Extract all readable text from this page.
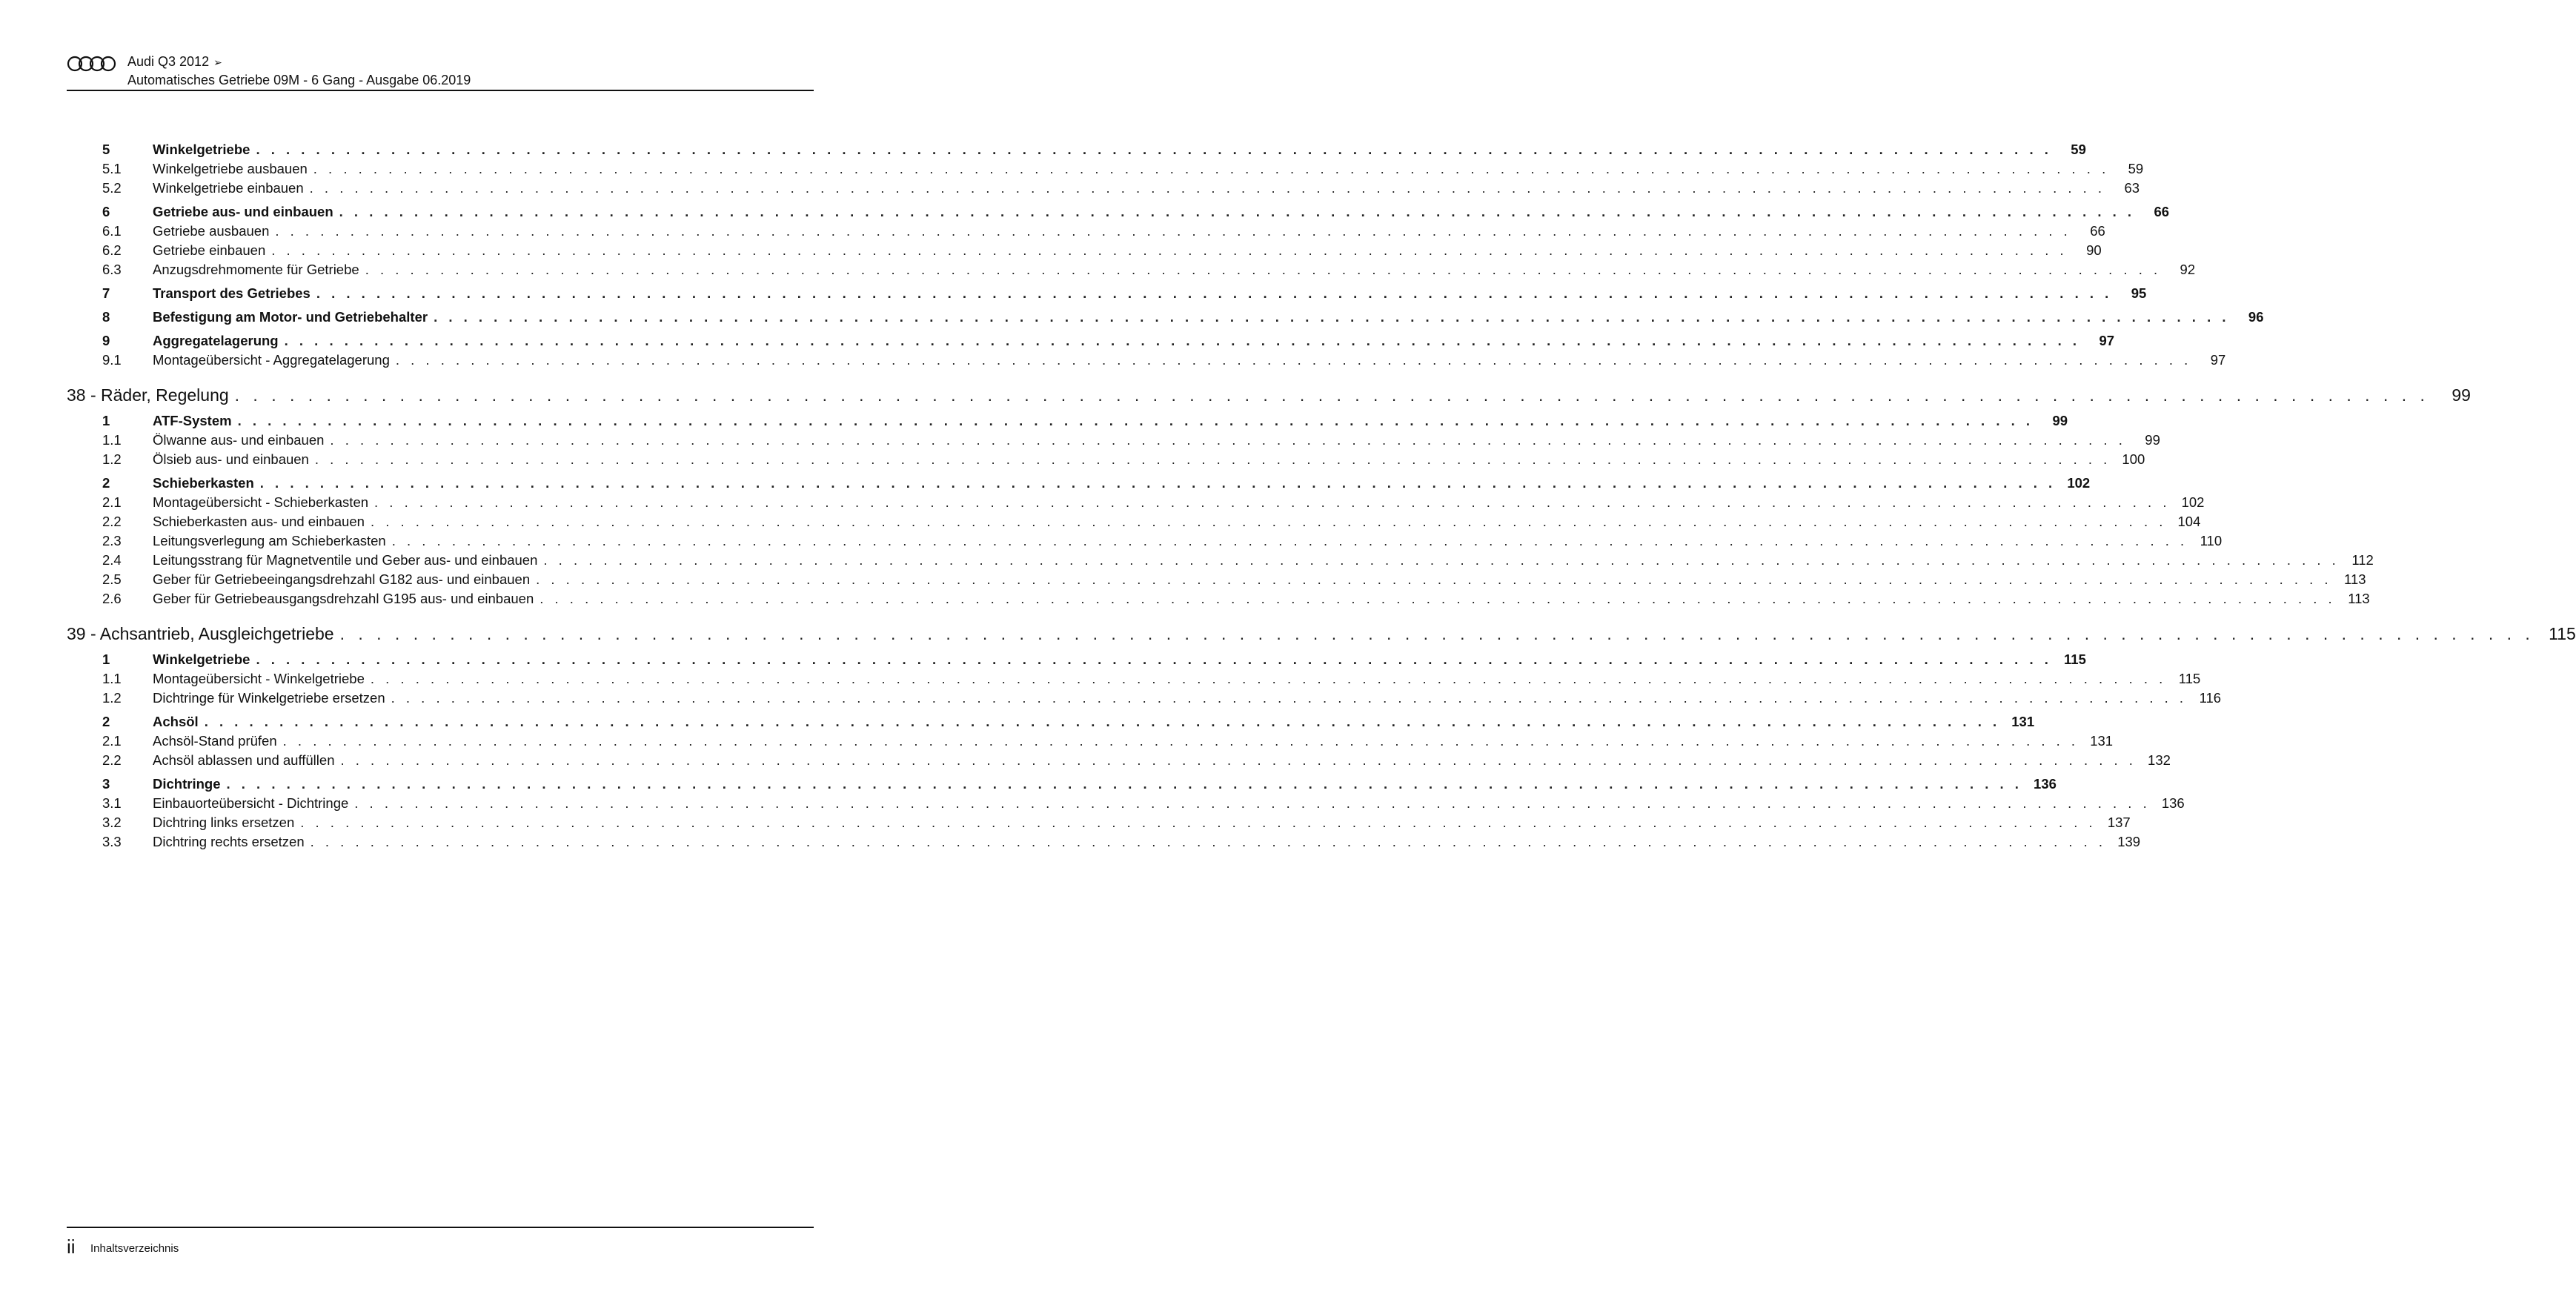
Audi Q3 2012 ➢
Automatisches Getriebe 09M - 6 Gang - Ausgabe 06.2019
5	Winkelgetriebe . . . . . . . . . . . . . . . . . . . . . . . . . . . . . . . . . . . . . . . . . . . . . . . . . . . . . . . . . . . . . . . . . . . . . . . . . . . . . . . . . . . . . . . . . . . . . . . . . . . . . . . . . . . . . . . . . . . . . . . .	59
5.1	Winkelgetriebe ausbauen . . . . . . . . . . . . . . . . . . . . . . . . . . . . . . . . . . . . . . . . . . . . . . . . . . . . . . . . . . . . . . . . . . . . . . . . . . . . . . . . . . . . . . . . . . . . . . . . . . . . . . . . . . . . . . . . . . . . . . . .	59
5.2	Winkelgetriebe einbauen . . . . . . . . . . . . . . . . . . . . . . . . . . . . . . . . . . . . . . . . . . . . . . . . . . . . . . . . . . . . . . . . . . . . . . . . . . . . . . . . . . . . . . . . . . . . . . . . . . . . . . . . . . . . . . . . . . . . . . . .	63
6	Getriebe aus- und einbauen . . . . . . . . . . . . . . . . . . . . . . . . . . . . . . . . . . . . . . . . . . . . . . . . . . . . . . . . . . . . . . . . . . . . . . . . . . . . . . . . . . . . . . . . . . . . . . . . . . . . . . . . . . . . . . . . . . . . . . . .	66
6.1	Getriebe ausbauen . . . . . . . . . . . . . . . . . . . . . . . . . . . . . . . . . . . . . . . . . . . . . . . . . . . . . . . . . . . . . . . . . . . . . . . . . . . . . . . . . . . . . . . . . . . . . . . . . . . . . . . . . . . . . . . . . . . . . . . .	66
6.2	Getriebe einbauen . . . . . . . . . . . . . . . . . . . . . . . . . . . . . . . . . . . . . . . . . . . . . . . . . . . . . . . . . . . . . . . . . . . . . . . . . . . . . . . . . . . . . . . . . . . . . . . . . . . . . . . . . . . . . . . . . . . . . . . .	90
6.3	Anzugsdrehmomente für Getriebe . . . . . . . . . . . . . . . . . . . . . . . . . . . . . . . . . . . . . . . . . . . . . . . . . . . . . . . . . . . . . . . . . . . . . . . . . . . . . . . . . . . . . . . . . . . . . . . . . . . . . . . . . . . . . . . . . . . . . . . .	92
7	Transport des Getriebes . . . . . . . . . . . . . . . . . . . . . . . . . . . . . . . . . . . . . . . . . . . . . . . . . . . . . . . . . . . . . . . . . . . . . . . . . . . . . . . . . . . . . . . . . . . . . . . . . . . . . . . . . . . . . . . . . . . . . . . .	95
8	Befestigung am Motor- und Getriebehalter . . . . . . . . . . . . . . . . . . . . . . . . . . . . . . . . . . . . . . . . . . . . . . . . . . . . . . . . . . . . . . . . . . . . . . . . . . . . . . . . . . . . . . . . . . . . . . . . . . . . . . . . . . . . . . . . . . . . . . . .	96
9	Aggregatelagerung . . . . . . . . . . . . . . . . . . . . . . . . . . . . . . . . . . . . . . . . . . . . . . . . . . . . . . . . . . . . . . . . . . . . . . . . . . . . . . . . . . . . . . . . . . . . . . . . . . . . . . . . . . . . . . . . . . . . . . . .	97
9.1	Montageübersicht - Aggregatelagerung . . . . . . . . . . . . . . . . . . . . . . . . . . . . . . . . . . . . . . . . . . . . . . . . . . . . . . . . . . . . . . . . . . . . . . . . . . . . . . . . . . . . . . . . . . . . . . . . . . . . . . . . . . . . . . . . . . . . . . . .	97
38 - Räder, Regelung . . . . . . . . . . . . . . . . . . . . . . . . . . . . . . . . . . . . . . . . . . . . . . . . . . . . . . . . . . . . . . . . . . . . . . . . . . . . . . . . . . . . . . . . . . . . . . . . . . . . . . . . . . . . . . . . . . . . . . . .	99
1	ATF-System . . . . . . . . . . . . . . . . . . . . . . . . . . . . . . . . . . . . . . . . . . . . . . . . . . . . . . . . . . . . . . . . . . . . . . . . . . . . . . . . . . . . . . . . . . . . . . . . . . . . . . . . . . . . . . . . . . . . . . . .	99
1.1	Ölwanne aus- und einbauen . . . . . . . . . . . . . . . . . . . . . . . . . . . . . . . . . . . . . . . . . . . . . . . . . . . . . . . . . . . . . . . . . . . . . . . . . . . . . . . . . . . . . . . . . . . . . . . . . . . . . . . . . . . . . . . . . . . . . . . .	99
1.2	Ölsieb aus- und einbauen . . . . . . . . . . . . . . . . . . . . . . . . . . . . . . . . . . . . . . . . . . . . . . . . . . . . . . . . . . . . . . . . . . . . . . . . . . . . . . . . . . . . . . . . . . . . . . . . . . . . . . . . . . . . . . . . . . . . . . . . 100
2	Schieberkasten . . . . . . . . . . . . . . . . . . . . . . . . . . . . . . . . . . . . . . . . . . . . . . . . . . . . . . . . . . . . . . . . . . . . . . . . . . . . . . . . . . . . . . . . . . . . . . . . . . . . . . . . . . . . . . . . . . . . . . . . 102
2.1	Montageübersicht - Schieberkasten . . . . . . . . . . . . . . . . . . . . . . . . . . . . . . . . . . . . . . . . . . . . . . . . . . . . . . . . . . . . . . . . . . . . . . . . . . . . . . . . . . . . . . . . . . . . . . . . . . . . . . . . . . . . . . . . . . . . . . . . 102
2.2	Schieberkasten aus- und einbauen . . . . . . . . . . . . . . . . . . . . . . . . . . . . . . . . . . . . . . . . . . . . . . . . . . . . . . . . . . . . . . . . . . . . . . . . . . . . . . . . . . . . . . . . . . . . . . . . . . . . . . . . . . . . . . . . . . . . . . . . 104
2.3	Leitungsverlegung am Schieberkasten . . . . . . . . . . . . . . . . . . . . . . . . . . . . . . . . . . . . . . . . . . . . . . . . . . . . . . . . . . . . . . . . . . . . . . . . . . . . . . . . . . . . . . . . . . . . . . . . . . . . . . . . . . . . . . . . . . . . . . . . 110
2.4	Leitungsstrang für Magnetventile und Geber aus- und einbauen . . . . . . . . . . . . . . . . . . . . . . . . . . . . . . . . . . . . . . . . . . . . . . . . . . . . . . . . . . . . . . . . . . . . . . . . . . . . . . . . . . . . . . . . . . . . . . . . . . . . . . . . . . . . . . . . . . . . . . . . 112
2.5	Geber für Getriebeeingangsdrehzahl G182 aus- und einbauen . . . . . . . . . . . . . . . . . . . . . . . . . . . . . . . . . . . . . . . . . . . . . . . . . . . . . . . . . . . . . . . . . . . . . . . . . . . . . . . . . . . . . . . . . . . . . . . . . . . . . . . . . . . . . . . . . . . . . . . . 113
2.6	Geber für Getriebeausgangsdrehzahl G195 aus- und einbauen . . . . . . . . . . . . . . . . . . . . . . . . . . . . . . . . . . . . . . . . . . . . . . . . . . . . . . . . . . . . . . . . . . . . . . . . . . . . . . . . . . . . . . . . . . . . . . . . . . . . . . . . . . . . . . . . . . . . . . . . 113
39 - Achsantrieb, Ausgleichgetriebe . . . . . . . . . . . . . . . . . . . . . . . . . . . . . . . . . . . . . . . . . . . . . . . . . . . . . . . . . . . . . . . . . . . . . . . . . . . . . . . . . . . . . . . . . . . . . . . . . . . . . . . . . . . . . . . . . . . . . . . . 115
1	Winkelgetriebe . . . . . . . . . . . . . . . . . . . . . . . . . . . . . . . . . . . . . . . . . . . . . . . . . . . . . . . . . . . . . . . . . . . . . . . . . . . . . . . . . . . . . . . . . . . . . . . . . . . . . . . . . . . . . . . . . . . . . . . . 115
1.1	Montageübersicht - Winkelgetriebe . . . . . . . . . . . . . . . . . . . . . . . . . . . . . . . . . . . . . . . . . . . . . . . . . . . . . . . . . . . . . . . . . . . . . . . . . . . . . . . . . . . . . . . . . . . . . . . . . . . . . . . . . . . . . . . . . . . . . . . . 115
1.2	Dichtringe für Winkelgetriebe ersetzen . . . . . . . . . . . . . . . . . . . . . . . . . . . . . . . . . . . . . . . . . . . . . . . . . . . . . . . . . . . . . . . . . . . . . . . . . . . . . . . . . . . . . . . . . . . . . . . . . . . . . . . . . . . . . . . . . . . . . . . . 116
2	Achsöl . . . . . . . . . . . . . . . . . . . . . . . . . . . . . . . . . . . . . . . . . . . . . . . . . . . . . . . . . . . . . . . . . . . . . . . . . . . . . . . . . . . . . . . . . . . . . . . . . . . . . . . . . . . . . . . . . . . . . . . . 131
2.1	Achsöl-Stand prüfen . . . . . . . . . . . . . . . . . . . . . . . . . . . . . . . . . . . . . . . . . . . . . . . . . . . . . . . . . . . . . . . . . . . . . . . . . . . . . . . . . . . . . . . . . . . . . . . . . . . . . . . . . . . . . . . . . . . . . . . . 131
2.2	Achsöl ablassen und auffüllen . . . . . . . . . . . . . . . . . . . . . . . . . . . . . . . . . . . . . . . . . . . . . . . . . . . . . . . . . . . . . . . . . . . . . . . . . . . . . . . . . . . . . . . . . . . . . . . . . . . . . . . . . . . . . . . . . . . . . . . . 132
3	Dichtringe . . . . . . . . . . . . . . . . . . . . . . . . . . . . . . . . . . . . . . . . . . . . . . . . . . . . . . . . . . . . . . . . . . . . . . . . . . . . . . . . . . . . . . . . . . . . . . . . . . . . . . . . . . . . . . . . . . . . . . . . 136
3.1	Einbauorteübersicht - Dichtringe . . . . . . . . . . . . . . . . . . . . . . . . . . . . . . . . . . . . . . . . . . . . . . . . . . . . . . . . . . . . . . . . . . . . . . . . . . . . . . . . . . . . . . . . . . . . . . . . . . . . . . . . . . . . . . . . . . . . . . . . 136
3.2	Dichtring links ersetzen . . . . . . . . . . . . . . . . . . . . . . . . . . . . . . . . . . . . . . . . . . . . . . . . . . . . . . . . . . . . . . . . . . . . . . . . . . . . . . . . . . . . . . . . . . . . . . . . . . . . . . . . . . . . . . . . . . . . . . . . 137
3.3	Dichtring rechts ersetzen . . . . . . . . . . . . . . . . . . . . . . . . . . . . . . . . . . . . . . . . . . . . . . . . . . . . . . . . . . . . . . . . . . . . . . . . . . . . . . . . . . . . . . . . . . . . . . . . . . . . . . . . . . . . . . . . . . . . . . . . 139
ii Inhaltsverzeichnis
